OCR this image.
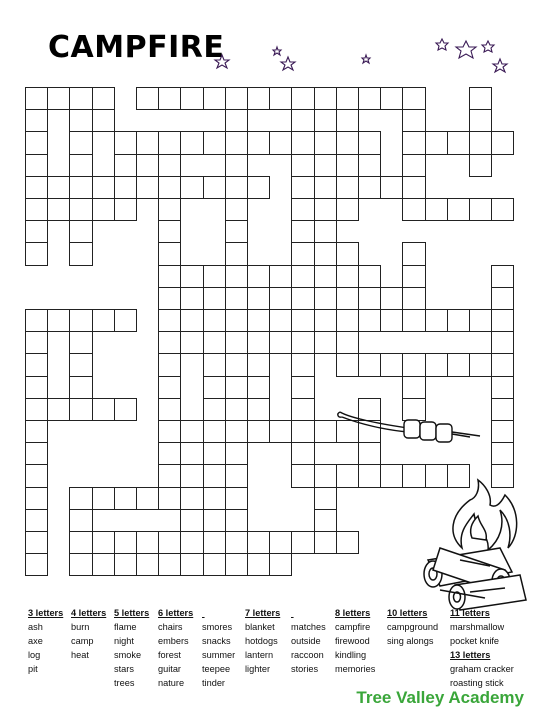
CAMPFIRE
3 letters
ash
axe
log
pit
4 letters
burn
camp
heat
5 letters
flame
night
smoke
stars
trees
6 letters
chairs
embers
forest
guitar
nature

smores
snacks
summer
teepee
tinder
7 letters
blanket
hotdogs
lantern
lighter

matches
outside
raccoon
stories
8 letters
campfire
firewood
kindling
memories
10 letters
campground
sing alongs
11 letters
marshmallow
pocket knife
13 letters
graham cracker
roasting stick
Tree Valley Academy
